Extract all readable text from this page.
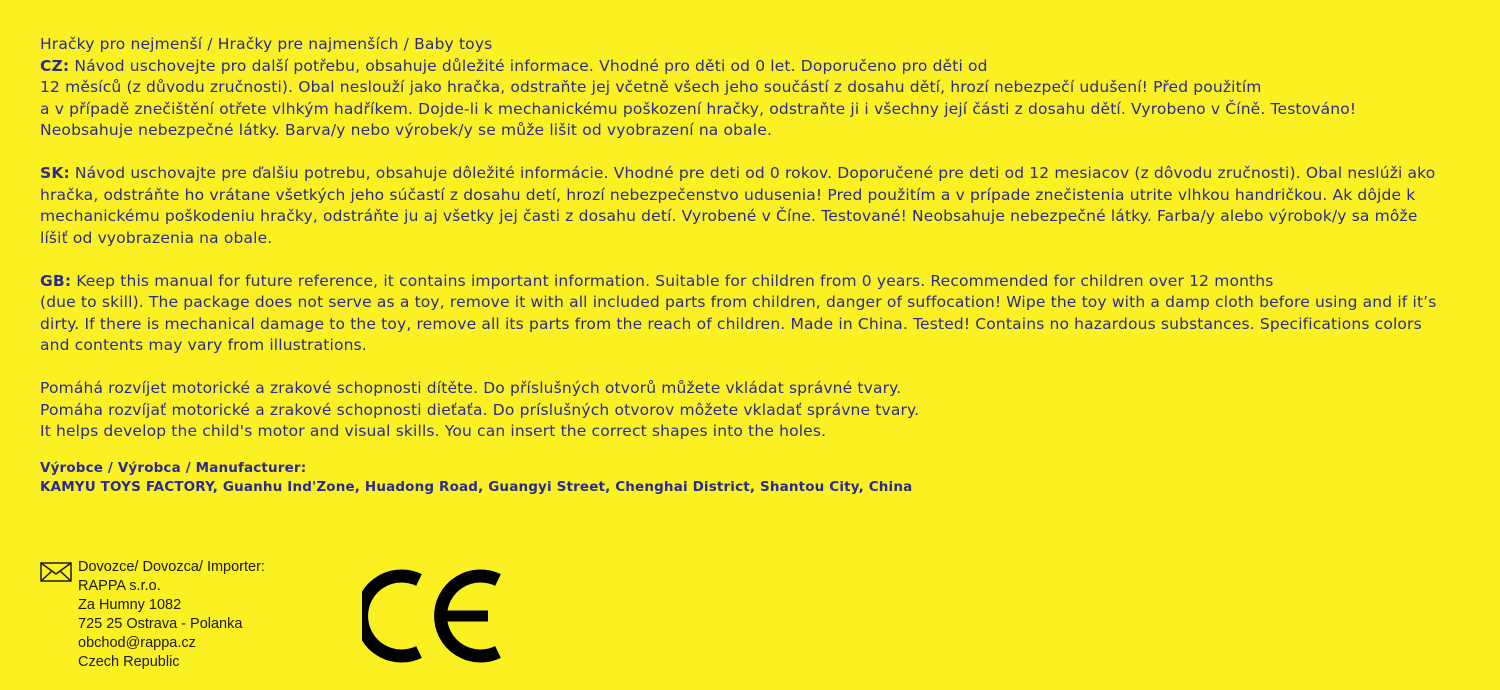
Hračky pro nejmenší / Hračky pre najmenších / Baby toys
CZ: Návod uschovejte pro další potřebu, obsahuje důležité informace. Vhodné pro děti od 0 let. Doporučeno pro děti od
12 měsíců (z důvodu zručnosti). Obal neslouží jako hračka, odstraňte jej včetně všech jeho součástí z dosahu dětí, hrozí nebezpečí udušení! Před použitím
a v případě znečištění otřete vlhkým hadříkem. Dojde-li k mechanickému poškození hračky, odstraňte ji i všechny její části z dosahu dětí. Vyrobeno v Číně. Testováno!
Neobsahuje nebezpečné látky. Barva/y nebo výrobek/y se může lišit od vyobrazení na obale.
SK: Návod uschovajte pre ďalšiu potrebu, obsahuje dôležité informácie. Vhodné pre deti od 0 rokov. Doporučené pre deti od 12 mesiacov (z dôvodu zručnosti). Obal neslúži ako
hračka, odstráňte ho vrátane všetkých jeho súčastí z dosahu detí, hrozí nebezpečenstvo udusenia! Pred použitím a v prípade znečistenia utrite vlhkou handričkou. Ak dôjde k
mechanickému poškodeniu hračky, odstráňte ju aj všetky jej časti z dosahu detí. Vyrobené v Číne. Testované! Neobsahuje nebezpečné látky. Farba/y alebo výrobok/y sa môže
líšiť od vyobrazenia na obale.
GB: Keep this manual for future reference, it contains important information. Suitable for children from 0 years. Recommended for children over 12 months
(due to skill). The package does not serve as a toy, remove it with all included parts from children, danger of suffocation! Wipe the toy with a damp cloth before using and if it’s
dirty. If there is mechanical damage to the toy, remove all its parts from the reach of children. Made in China. Tested! Contains no hazardous substances. Specifications colors
and contents may vary from illustrations.
Pomáhá rozvíjet motorické a zrakové schopnosti dítěte. Do příslušných otvorů můžete vkládat správné tvary.
Pomáha rozvíjať motorické a zrakové schopnosti dieťaťa. Do príslušných otvorov môžete vkladať správne tvary.
It helps develop the child's motor and visual skills. You can insert the correct shapes into the holes.
Výrobce / Výrobca / Manufacturer:
KAMYU TOYS FACTORY, Guanhu Ind'Zone, Huadong Road, Guangyi Street, Chenghai District, Shantou City, China
Dovozce/ Dovozca/ Importer:
RAPPA s.r.o.
Za Humny 1082
725 25 Ostrava - Polanka
obchod@rappa.cz
Czech Republic
